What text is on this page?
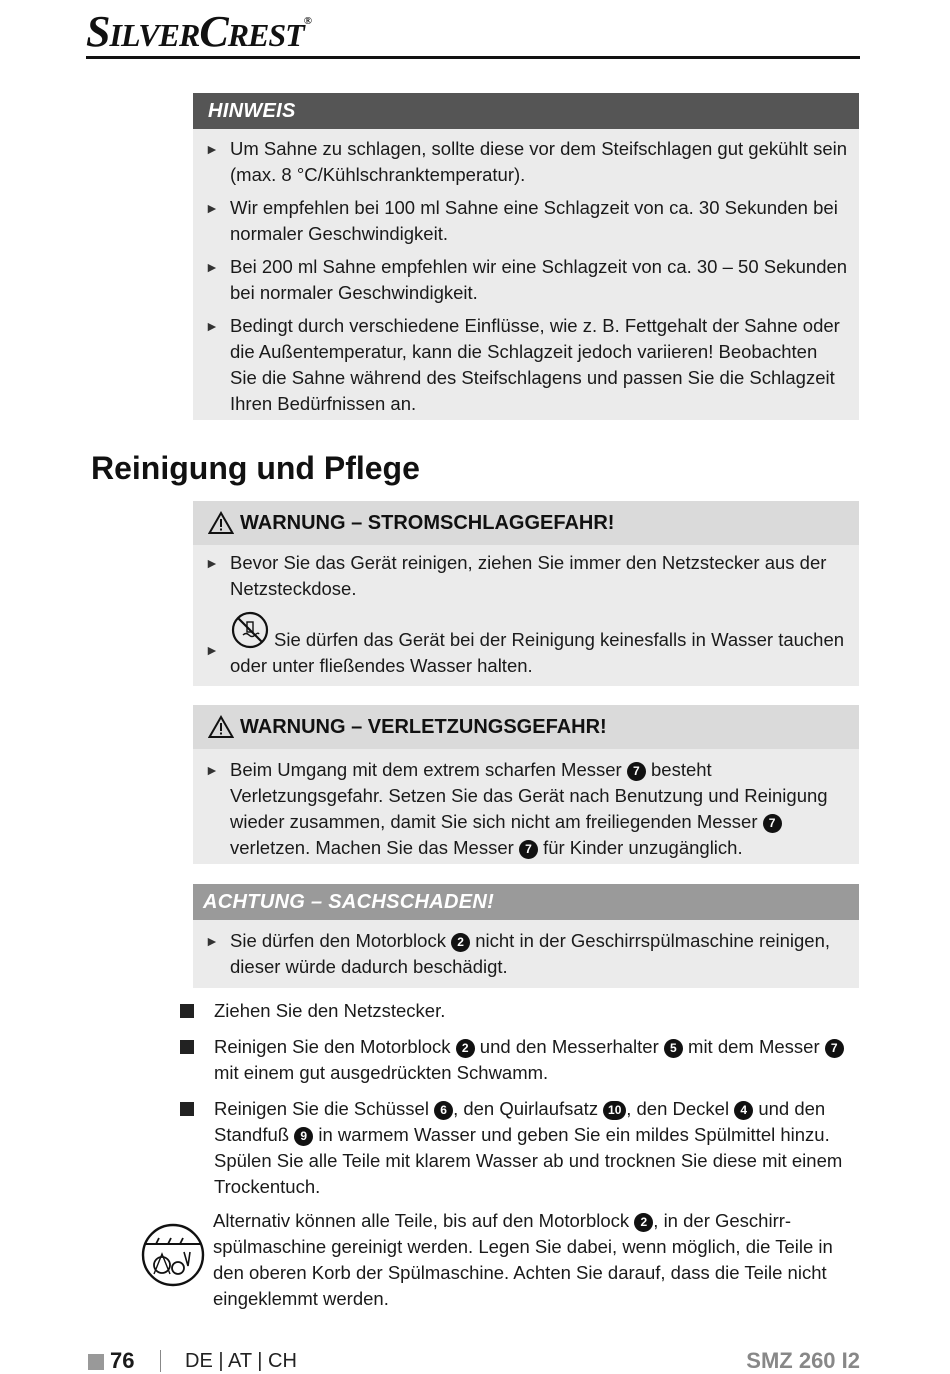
SILVERCREST®
HINWEIS
► Um Sahne zu schlagen, sollte diese vor dem Steifschlagen gut gekühlt sein (max. 8 °C/Kühlschranktemperatur).
► Wir empfehlen bei 100 ml Sahne eine Schlagzeit von ca. 30 Sekunden bei normaler Geschwindigkeit.
► Bei 200 ml Sahne empfehlen wir eine Schlagzeit von ca. 30 – 50 Sekunden bei normaler Geschwindigkeit.
► Bedingt durch verschiedene Einflüsse, wie z. B. Fettgehalt der Sahne oder die Außentemperatur, kann die Schlagzeit jedoch variieren! Beobachten Sie die Sahne während des Steifschlagens und passen Sie die Schlagzeit Ihren Bedürfnissen an.
Reinigung und Pflege
WARNUNG – STROMSCHLAGGEFAHR!
► Bevor Sie das Gerät reinigen, ziehen Sie immer den Netzstecker aus der Netzsteckdose.
►	Sie dürfen das Gerät bei der Reinigung keinesfalls in Wasser tauchen oder unter fließendes Wasser halten.
WARNUNG – VERLETZUNGSGEFAHR!
► Beim Umgang mit dem extrem scharfen Messer 7 besteht Verletzungsgefahr. Setzen Sie das Gerät nach Benutzung und Reinigung wieder zusammen, damit Sie sich nicht am freiliegenden Messer 7 verletzen. Machen Sie das Messer 7 für Kinder unzugänglich.
ACHTUNG – SACHSCHADEN!
► Sie dürfen den Motorblock 2 nicht in der Geschirrspülmaschine reinigen, dieser würde dadurch beschädigt.
Ziehen Sie den Netzstecker.
Reinigen Sie den Motorblock 2 und den Messerhalter 5 mit dem Messer 7 mit einem gut ausgedrückten Schwamm.
Reinigen Sie die Schüssel 6 , den Quirlaufsatz 10 , den Deckel 4 und den Standfuß 9 in warmem Wasser und geben Sie ein mildes Spülmittel hinzu. Spülen Sie alle Teile mit klarem Wasser ab und trocknen Sie diese mit einem Trockentuch.
Alternativ können alle Teile, bis auf den Motorblock 2 , in der Geschirr-spülmaschine gereinigt werden. Legen Sie dabei, wenn möglich, die Teile in den oberen Korb der Spülmaschine. Achten Sie darauf, dass die Teile nicht eingeklemmt werden.
76	DE | AT | CH	SMZ 260 I2
